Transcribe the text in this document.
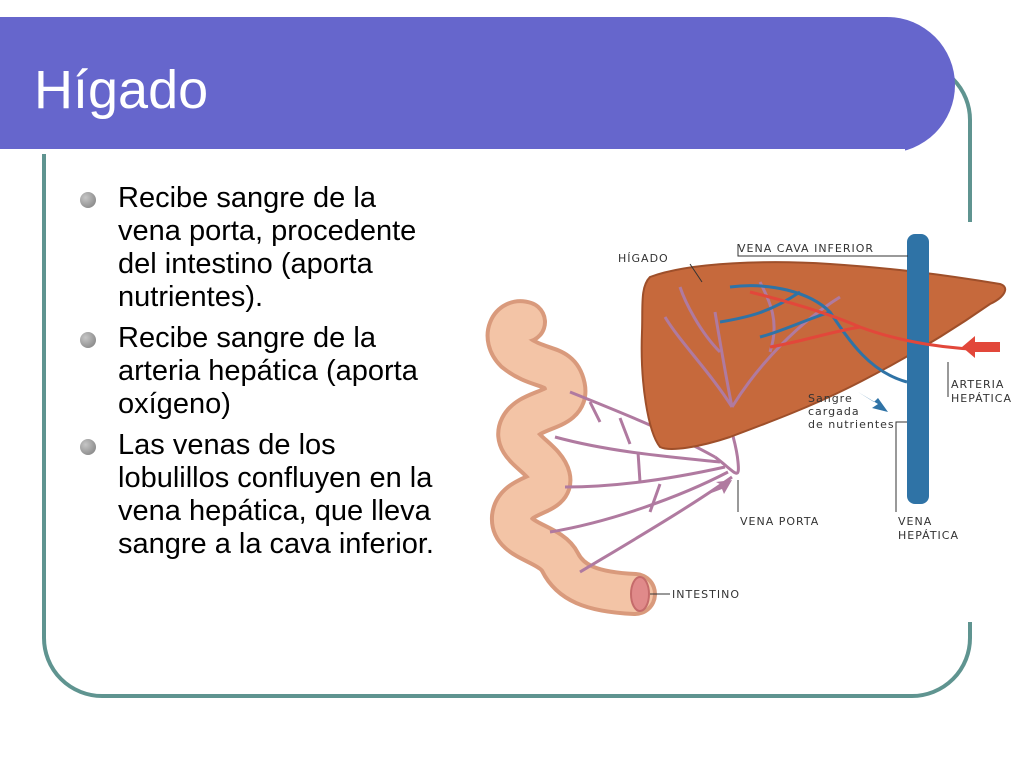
Hígado
Recibe sangre de la vena porta, procedente del intestino (aporta nutrientes).
Recibe sangre de la arteria hepática (aporta oxígeno)
Las venas de los lobulillos confluyen en la vena hepática, que lleva sangre a la cava inferior.
HÍGADO
VENA CAVA INFERIOR
ARTERIA
HEPÁTICA
Sangre
cargada
de nutrientes
VENA PORTA	VENA
HEPÁTICA
INTESTINO
